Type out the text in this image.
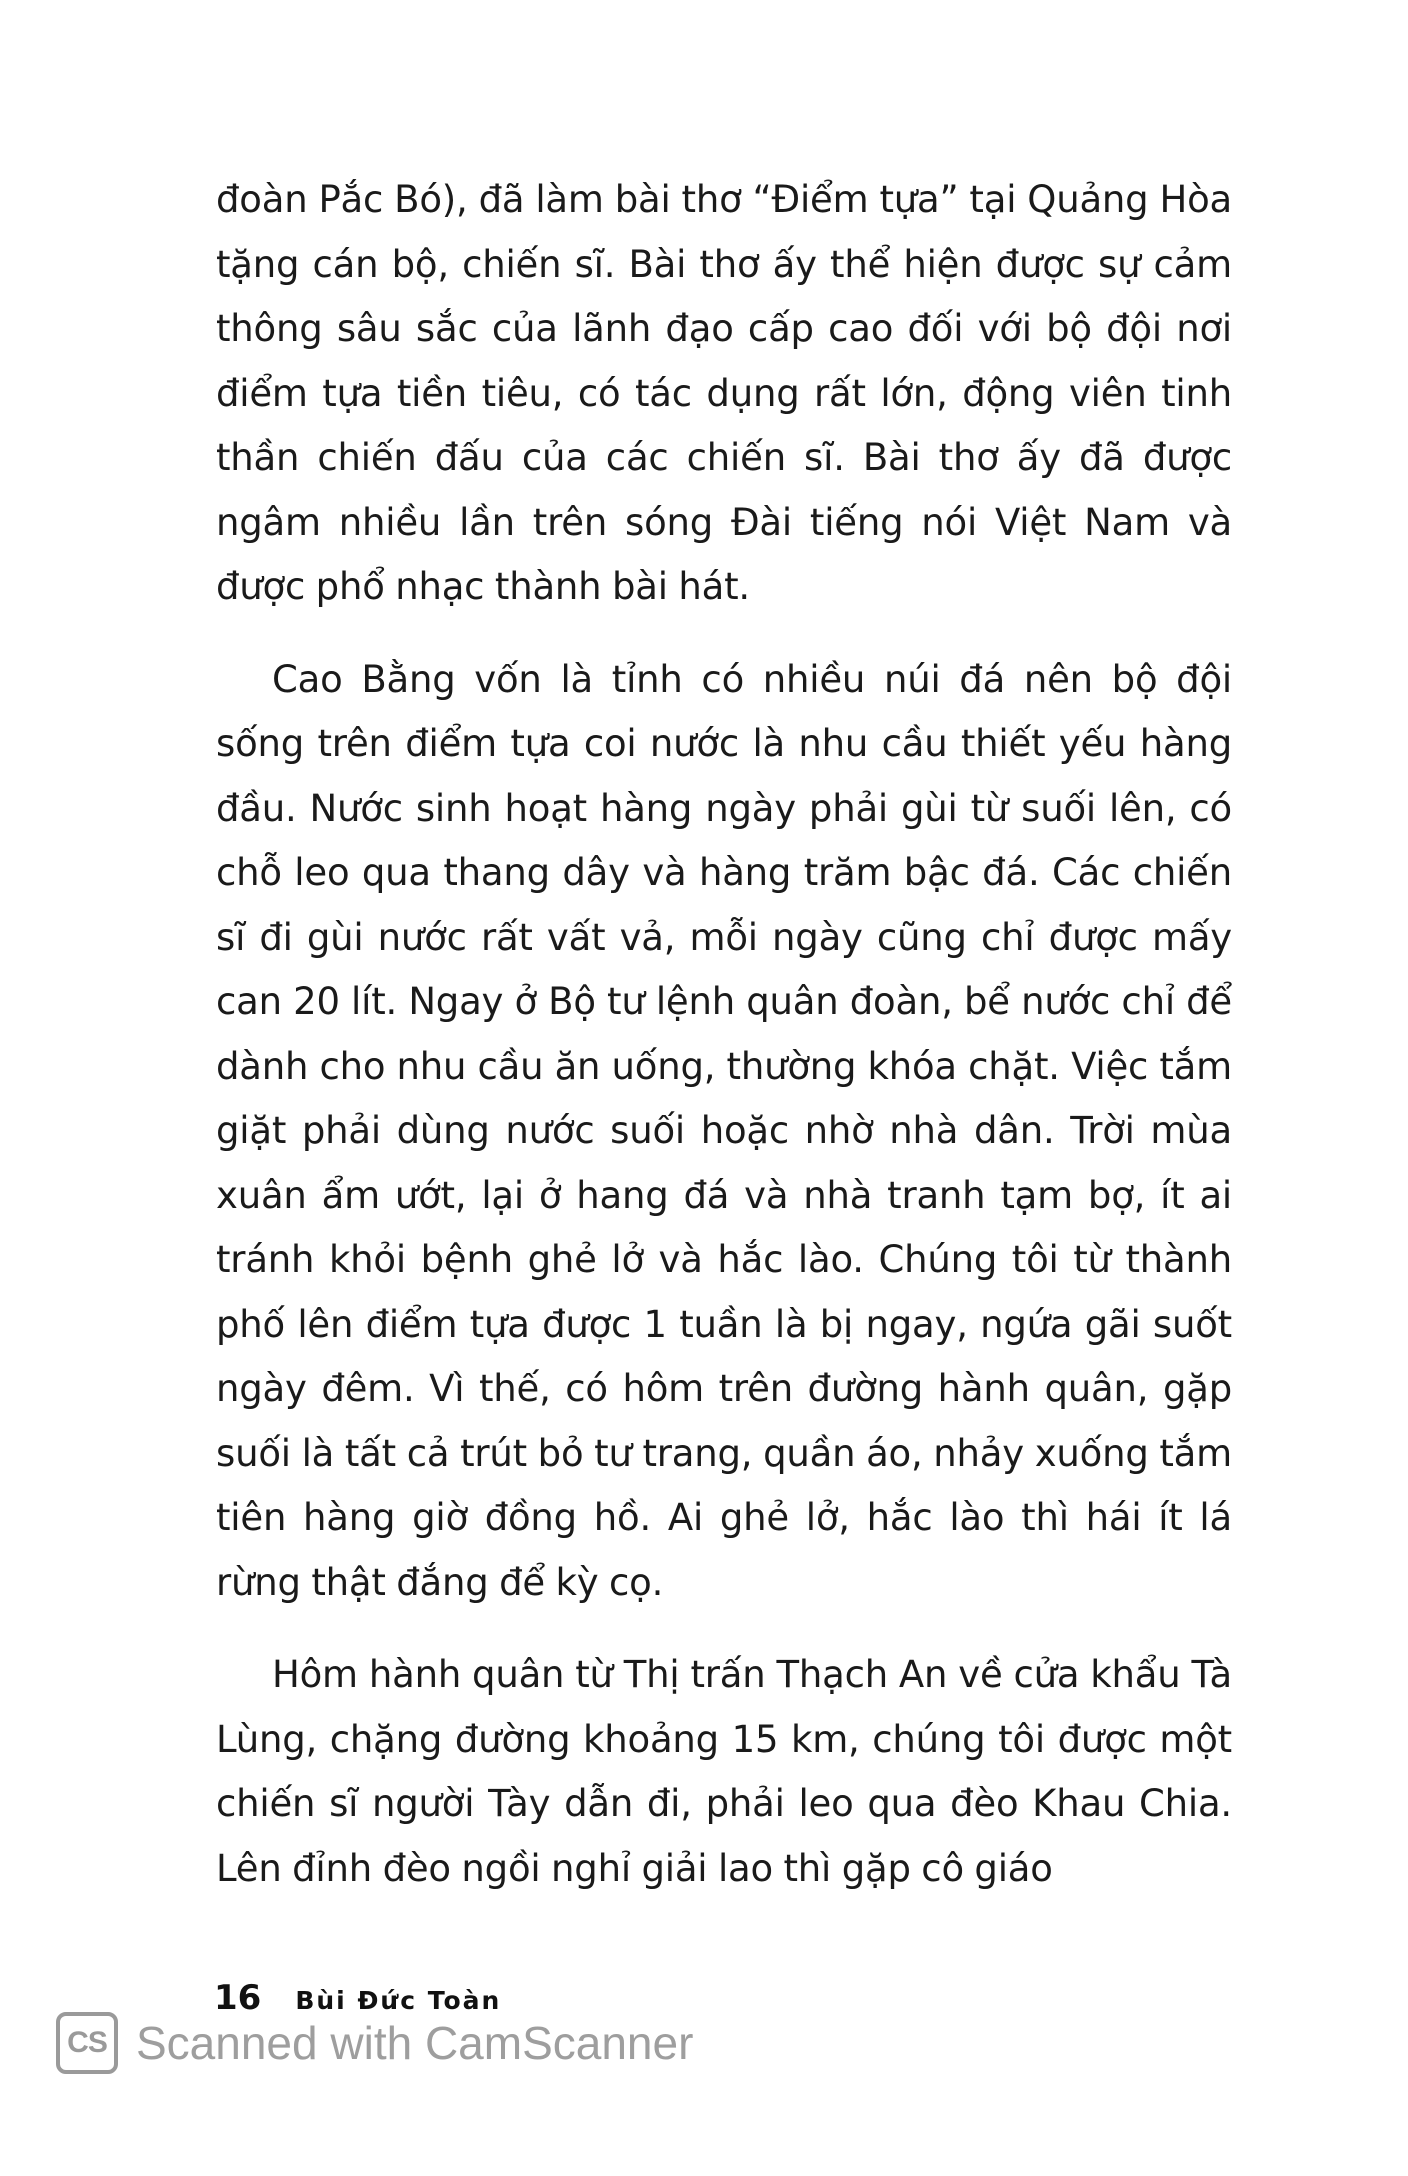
đoàn Pắc Bó), đã làm bài thơ “Điểm tựa” tại Quảng Hòa tặng cán bộ, chiến sĩ. Bài thơ ấy thể hiện được sự cảm thông sâu sắc của lãnh đạo cấp cao đối với bộ đội nơi điểm tựa tiền tiêu, có tác dụng rất lớn, động viên tinh thần chiến đấu của các chiến sĩ. Bài thơ ấy đã được ngâm nhiều lần trên sóng Đài tiếng nói Việt Nam và được phổ nhạc thành bài hát.

Cao Bằng vốn là tỉnh có nhiều núi đá nên bộ đội sống trên điểm tựa coi nước là nhu cầu thiết yếu hàng đầu. Nước sinh hoạt hàng ngày phải gùi từ suối lên, có chỗ leo qua thang dây và hàng trăm bậc đá. Các chiến sĩ đi gùi nước rất vất vả, mỗi ngày cũng chỉ được mấy can 20 lít. Ngay ở Bộ tư lệnh quân đoàn, bể nước chỉ để dành cho nhu cầu ăn uống, thường khóa chặt. Việc tắm giặt phải dùng nước suối hoặc nhờ nhà dân. Trời mùa xuân ẩm ướt, lại ở hang đá và nhà tranh tạm bợ, ít ai tránh khỏi bệnh ghẻ lở và hắc lào. Chúng tôi từ thành phố lên điểm tựa được 1 tuần là bị ngay, ngứa gãi suốt ngày đêm. Vì thế, có hôm trên đường hành quân, gặp suối là tất cả trút bỏ tư trang, quần áo, nhảy xuống tắm tiên hàng giờ đồng hồ. Ai ghẻ lở, hắc lào thì hái ít lá rừng thật đắng để kỳ cọ.

Hôm hành quân từ Thị trấn Thạch An về cửa khẩu Tà Lùng, chặng đường khoảng 15 km, chúng tôi được một chiến sĩ người Tày dẫn đi, phải leo qua đèo Khau Chia. Lên đỉnh đèo ngồi nghỉ giải lao thì gặp cô giáo

16 Bùi Đức Toàn
CS Scanned with CamScanner
